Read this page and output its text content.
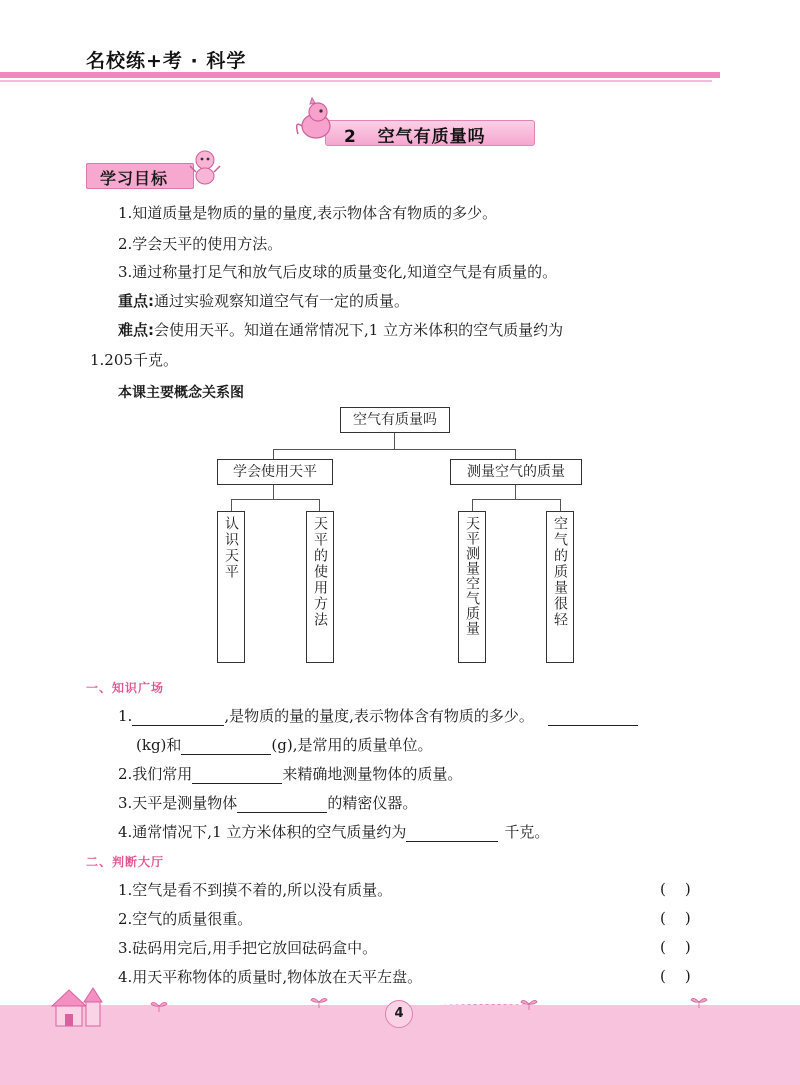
名校练+考 · 科学
2 空气有质量吗
学习目标
1.知道质量是物质的量的量度,表示物体含有物质的多少。
2.学会天平的使用方法。
3.通过称量打足气和放气后皮球的质量变化,知道空气是有质量的。
重点:通过实验观察知道空气有一定的质量。
难点:会使用天平。知道在通常情况下,1 立方米体积的空气质量约为
1.205千克。
本课主要概念关系图
空气有质量吗
学会使用天平	测量空气的质量
认识天平	天平的使用方法	天平测量空气质量	空气的质量很轻
一、知识广场
1.	,是物质的量的量度,表示物体含有物质的多少。
(kg)和	(g),是常用的质量单位。
2.我们常用	来精确地测量物体的质量。
3.天平是测量物体	的精密仪器。
4.通常情况下,1 立方米体积的空气质量约为	千克。
二、判断大厅
1.空气是看不到摸不着的,所以没有质量。	(    )
2.空气的质量很重。	(    )
3.砝码用完后,用手把它放回砝码盒中。	(    )
4.用天平称物体的质量时,物体放在天平左盘。	(    )
4
